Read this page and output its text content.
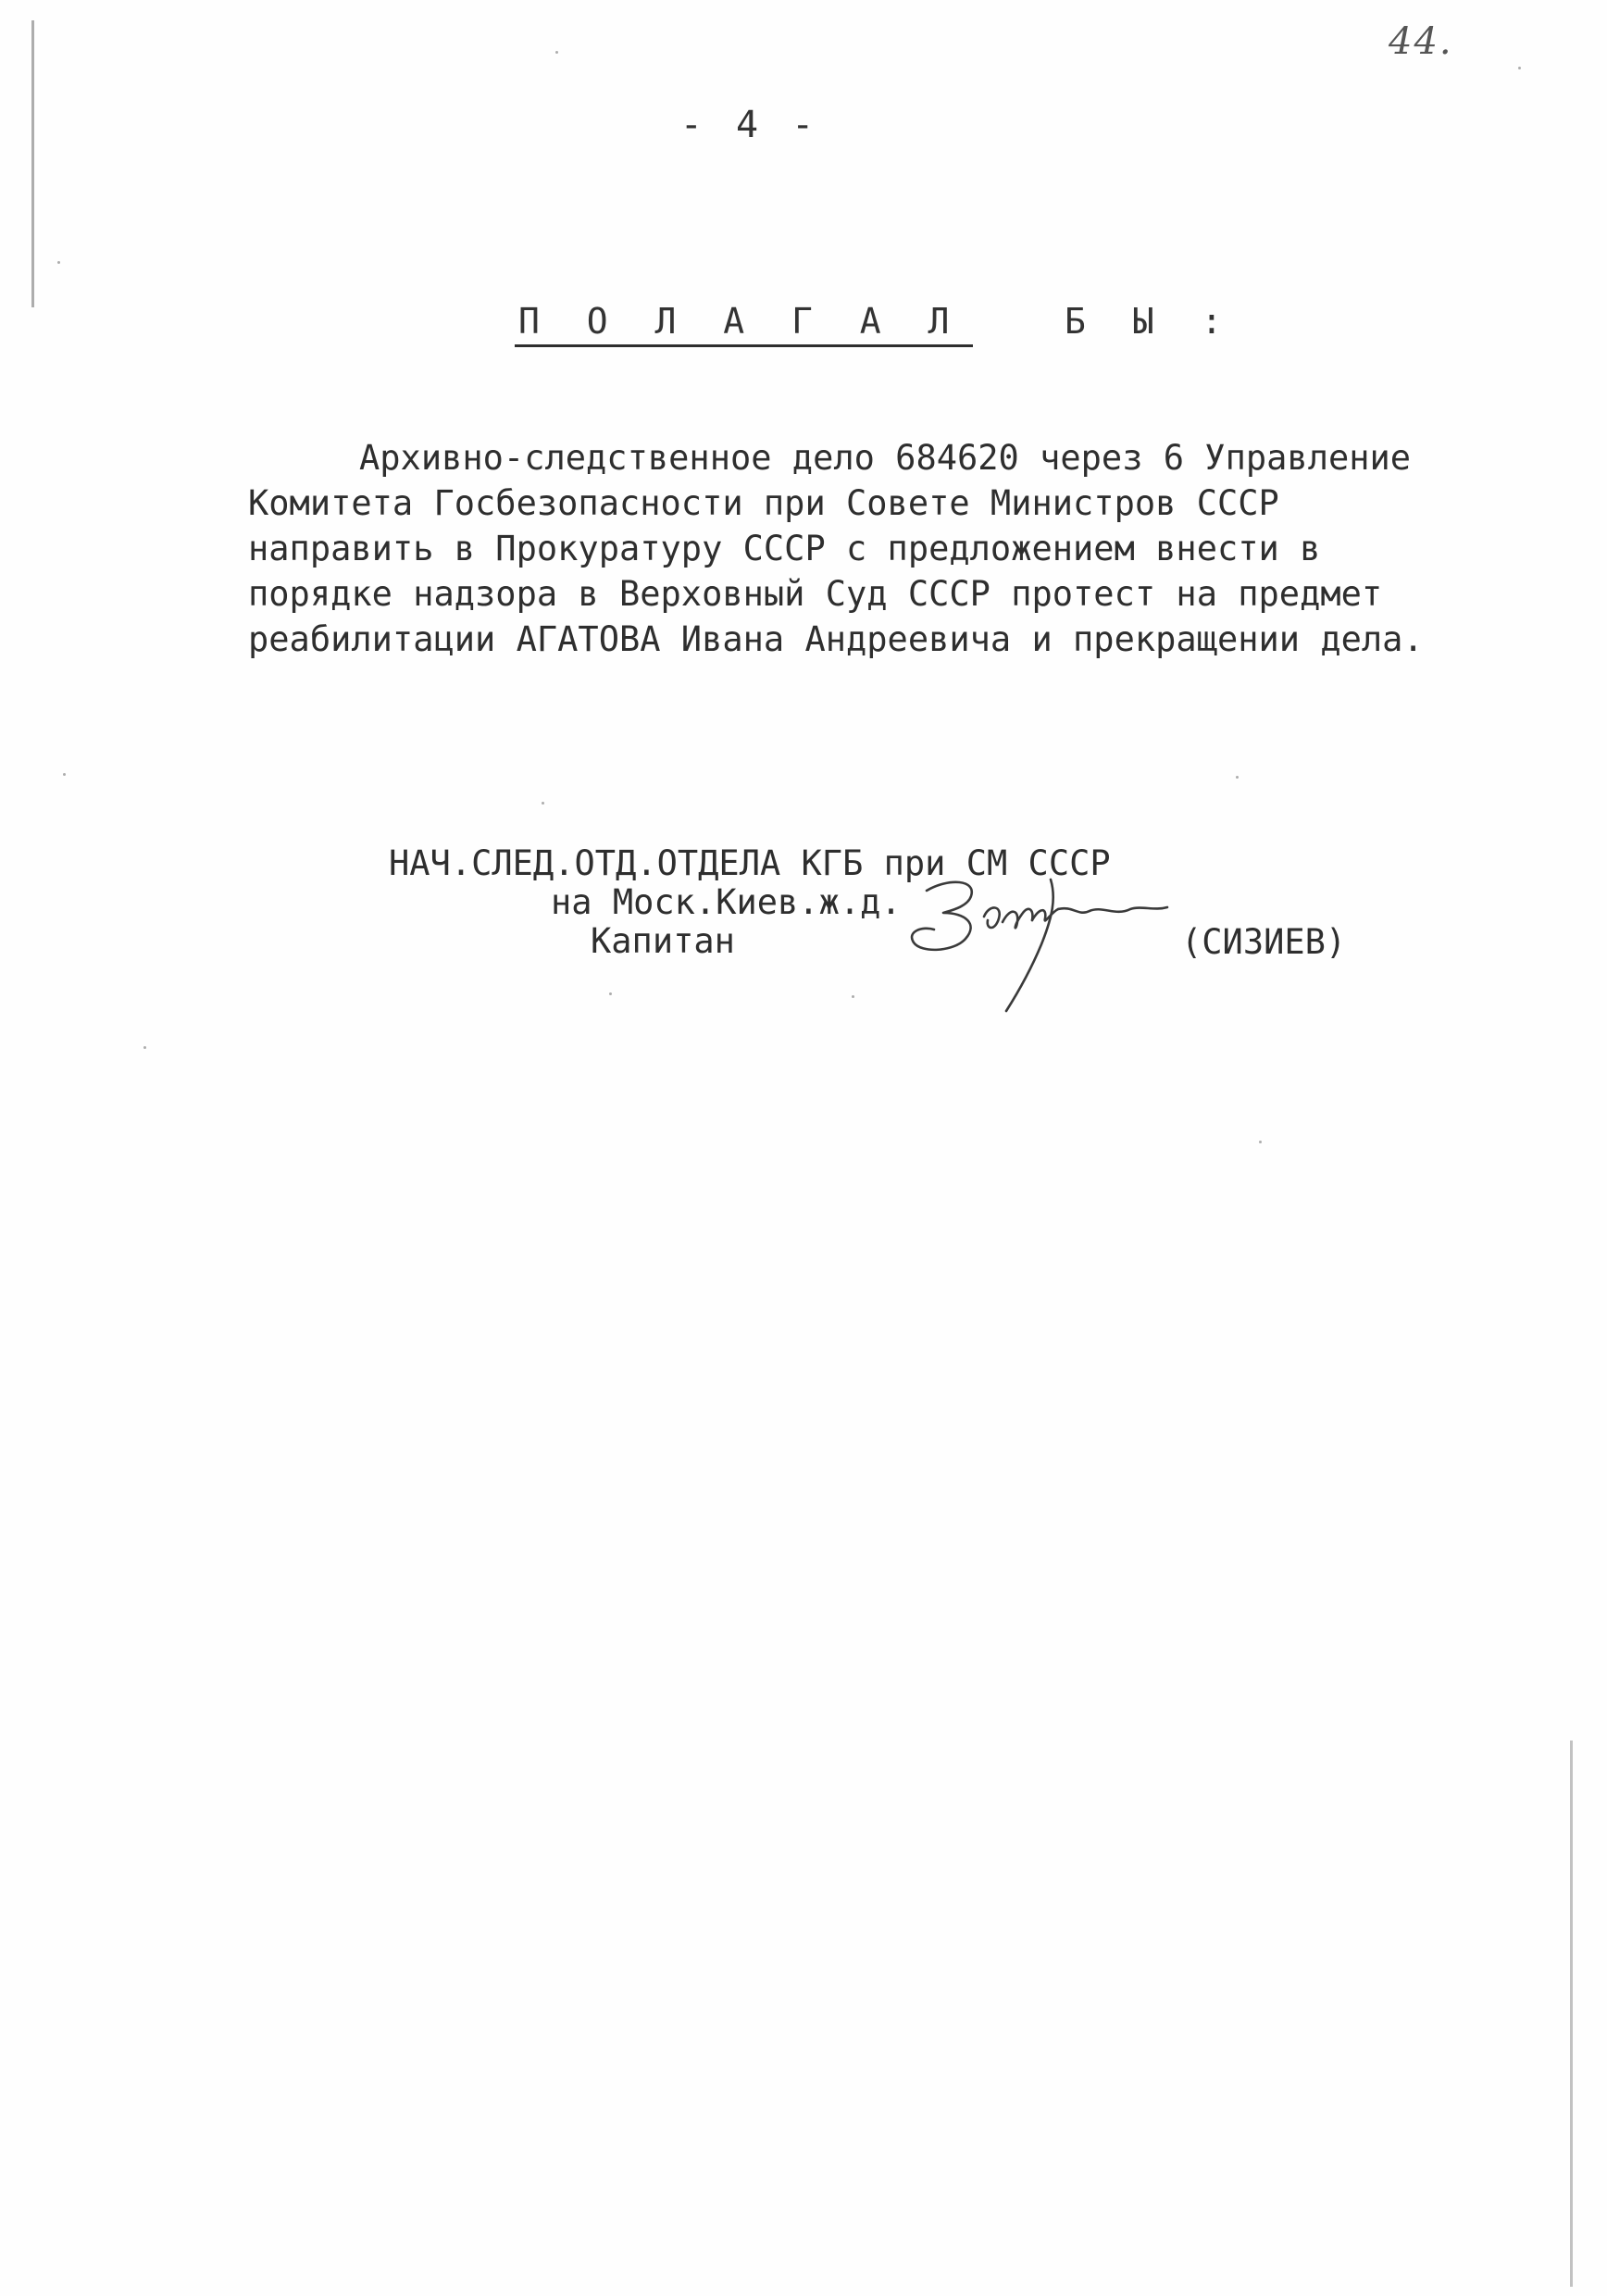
44.
- 4 -
П О Л А Г А Л   Б Ы :
Архивно-следственное дело 684620 через 6 Управление
Комитета Госбезопасности при Совете Министров СССР
направить в Прокуратуру СССР с предложением внести в
порядке надзора в Верховный Суд СССР протест на предмет
реабилитации АГАТОВА Ивана Андреевича и прекращении дела.
НАЧ.СЛЕД.ОТД.ОТДЕЛА КГБ при СМ СССР
на Моск.Киев.ж.д.
Капитан	(СИЗИЕВ)
